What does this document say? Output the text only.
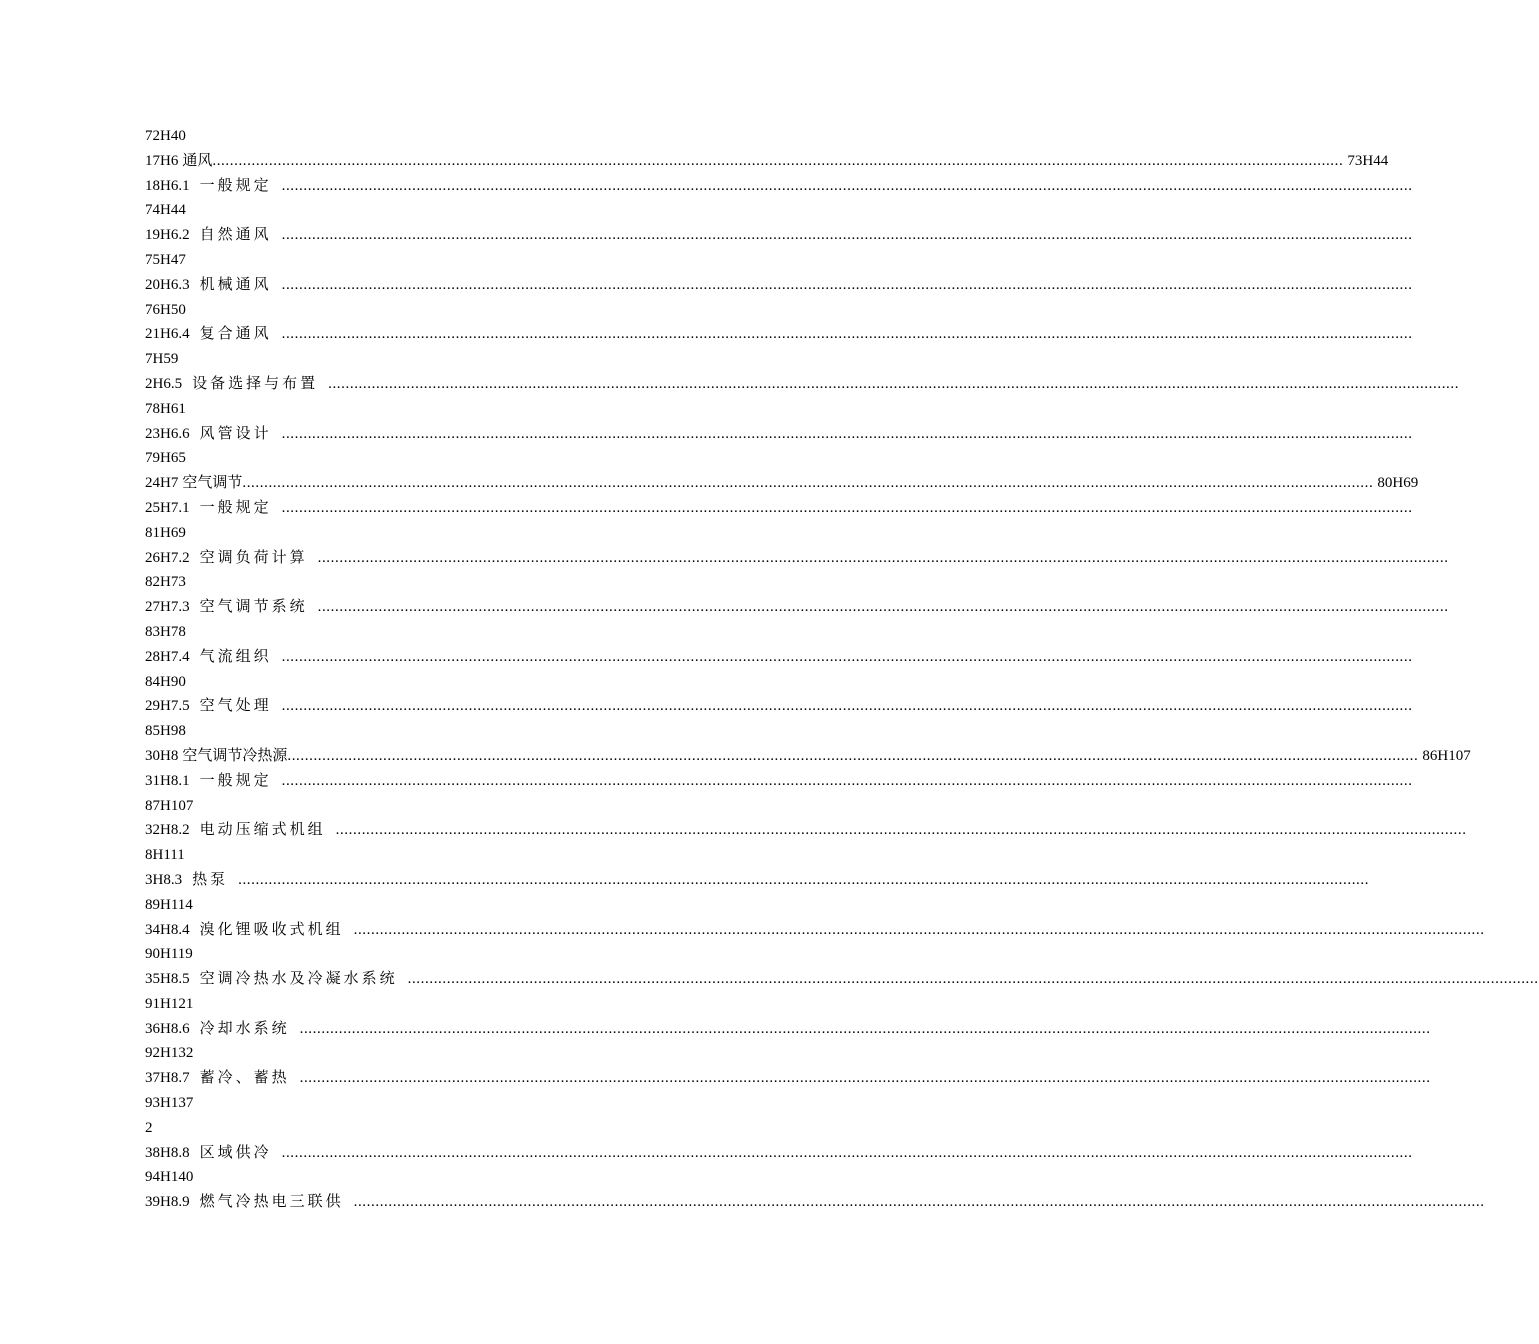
72H40
17H6 通风 .................................................................................................................................................................................................................................................................... 73H44
18H6.1 一般规定 ....................................................................................................................................................................................................................................................................
74H44
19H6.2 自然通风 ....................................................................................................................................................................................................................................................................
75H47
20H6.3 机械通风 ....................................................................................................................................................................................................................................................................
76H50
21H6.4 复合通风 ....................................................................................................................................................................................................................................................................
7H59
2H6.5 设备选择与布置 ....................................................................................................................................................................................................................................................................
78H61
23H6.6 风管设计 ....................................................................................................................................................................................................................................................................
79H65
24H7 空气调节 .................................................................................................................................................................................................................................................................... 80H69
25H7.1 一般规定 ....................................................................................................................................................................................................................................................................
81H69
26H7.2 空调负荷计算 ....................................................................................................................................................................................................................................................................
82H73
27H7.3 空气调节系统 ....................................................................................................................................................................................................................................................................
83H78
28H7.4 气流组织 ....................................................................................................................................................................................................................................................................
84H90
29H7.5 空气处理 ....................................................................................................................................................................................................................................................................
85H98
30H8 空气调节冷热源 .................................................................................................................................................................................................................................................................... 86H107
31H8.1 一般规定 ....................................................................................................................................................................................................................................................................
87H107
32H8.2 电动压缩式机组 ....................................................................................................................................................................................................................................................................
8H111
3H8.3 热泵 ....................................................................................................................................................................................................................................................................
89H114
34H8.4 溴化锂吸收式机组 ....................................................................................................................................................................................................................................................................
90H119
35H8.5 空调冷热水及冷凝水系统 ....................................................................................................................................................................................................................................................................
91H121
36H8.6 冷却水系统 ....................................................................................................................................................................................................................................................................
92H132
37H8.7 蓄冷、蓄热 ....................................................................................................................................................................................................................................................................
93H137
2
38H8.8 区域供冷 ....................................................................................................................................................................................................................................................................
94H140
39H8.9 燃气冷热电三联供 ....................................................................................................................................................................................................................................................................
